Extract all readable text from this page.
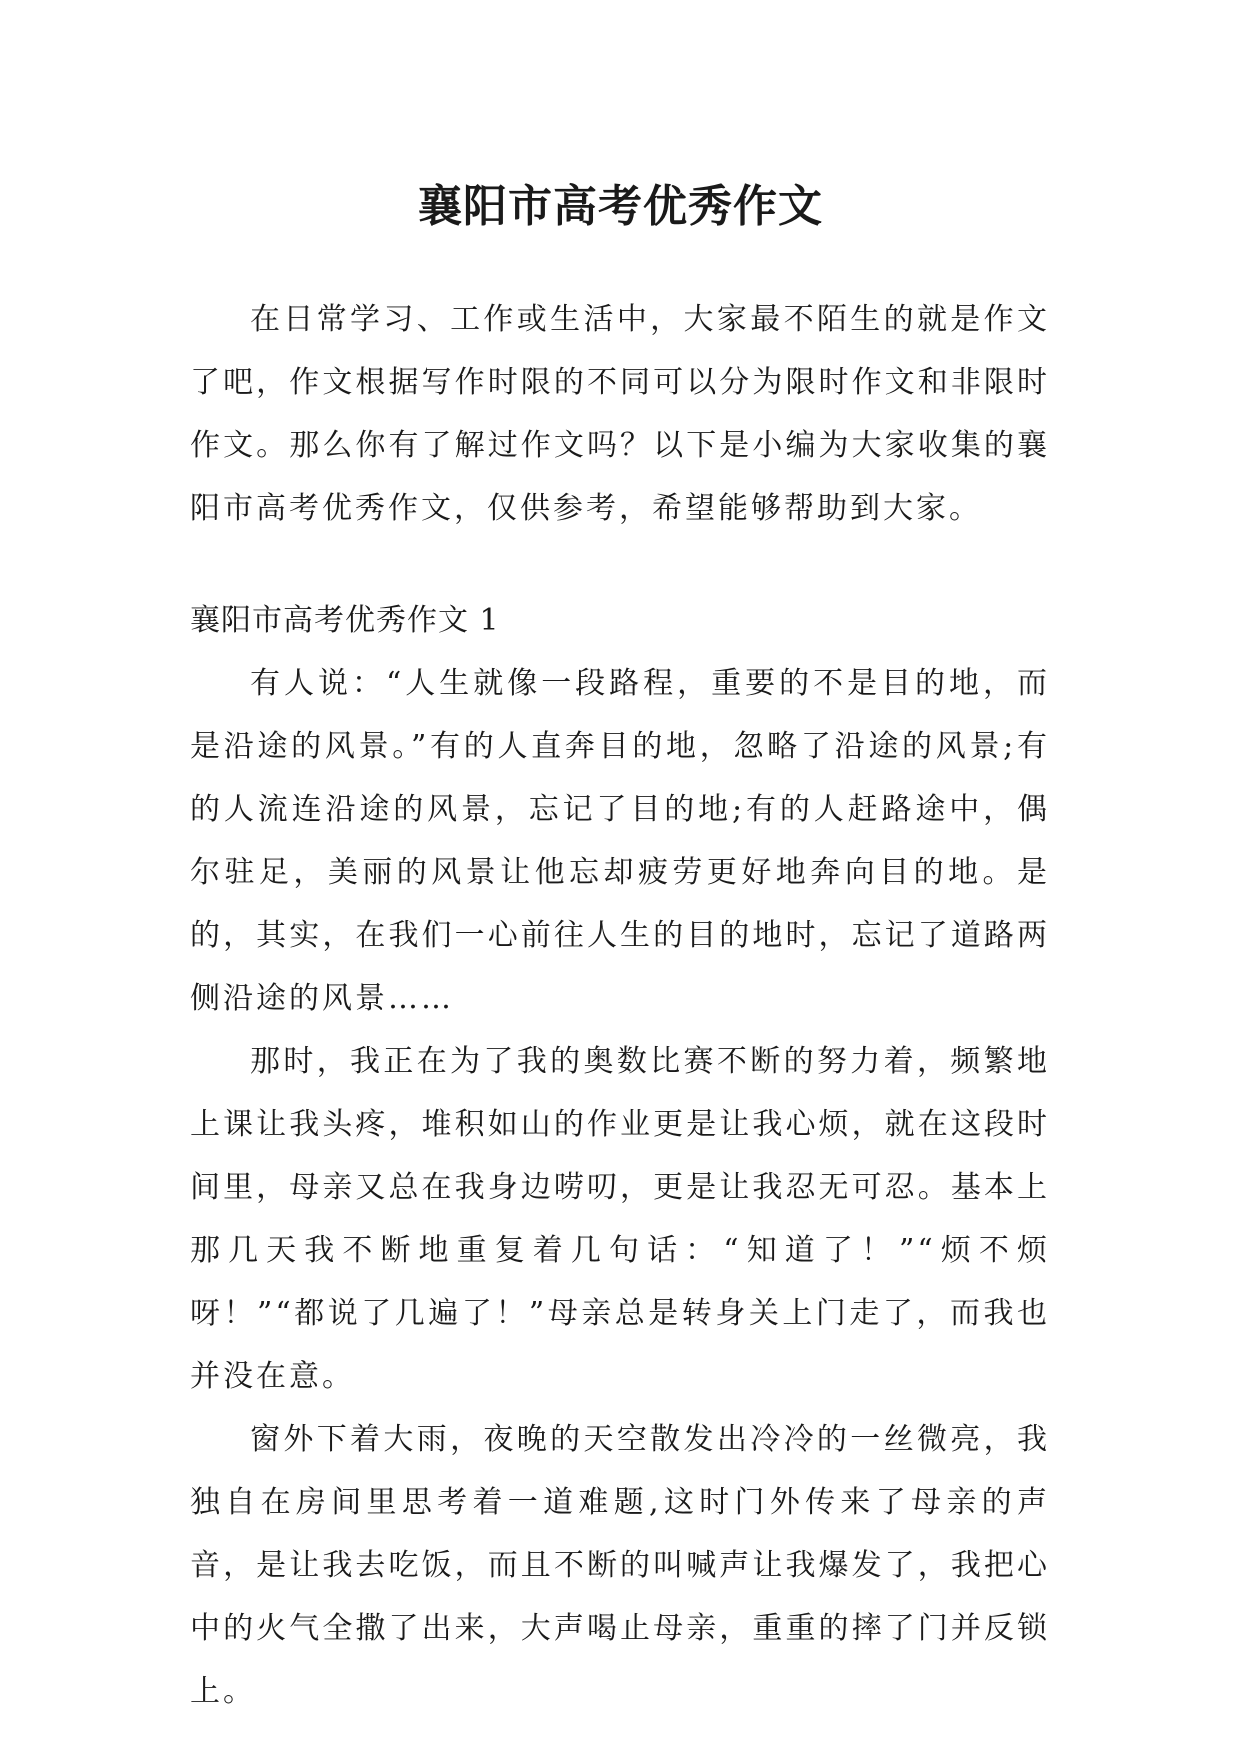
襄阳市高考优秀作文

在日常学习、工作或生活中，大家最不陌生的就是作文了吧，作文根据写作时限的不同可以分为限时作文和非限时作文。那么你有了解过作文吗？以下是小编为大家收集的襄阳市高考优秀作文，仅供参考，希望能够帮助到大家。

襄阳市高考优秀作文 1

有人说：“人生就像一段路程，重要的不是目的地，而是沿途的风景。”有的人直奔目的地，忽略了沿途的风景;有的人流连沿途的风景，忘记了目的地;有的人赶路途中，偶尔驻足，美丽的风景让他忘却疲劳更好地奔向目的地。是的，其实，在我们一心前往人生的目的地时，忘记了道路两侧沿途的风景……

那时，我正在为了我的奥数比赛不断的努力着，频繁地上课让我头疼，堆积如山的作业更是让我心烦，就在这段时间里，母亲又总在我身边唠叨，更是让我忍无可忍。基本上那几天我不断地重复着几句话：“知道了！”“烦不烦呀！”“都说了几遍了！”母亲总是转身关上门走了，而我也并没在意。

窗外下着大雨，夜晚的天空散发出冷冷的一丝微亮，我独自在房间里思考着一道难题,这时门外传来了母亲的声音，是让我去吃饭，而且不断的叫喊声让我爆发了，我把心中的火气全撒了出来，大声喝止母亲，重重的摔了门并反锁上。
